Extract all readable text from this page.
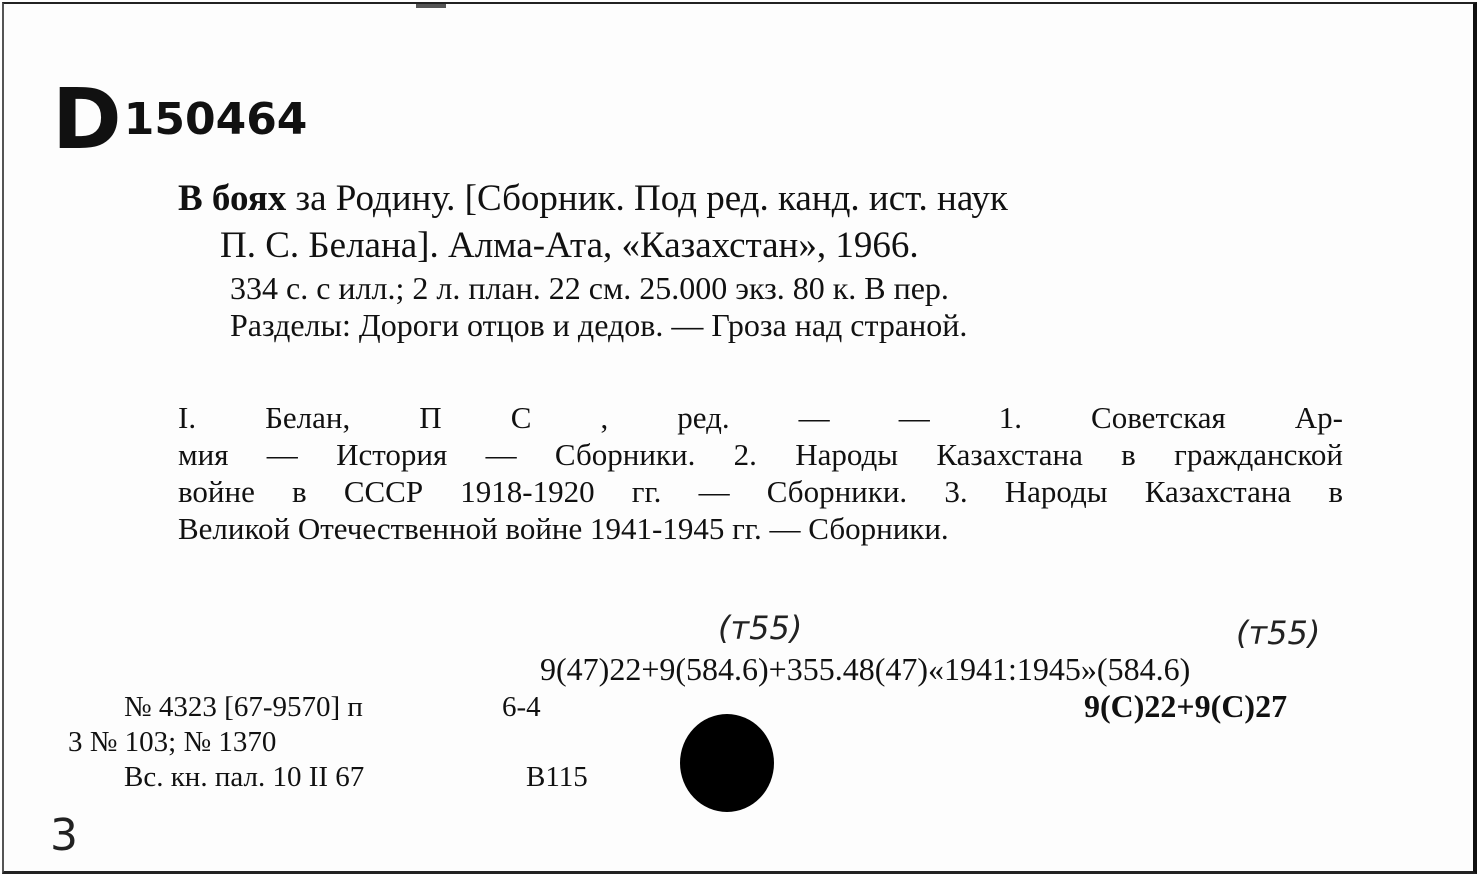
D150464
В боях за Родину. [Сборник. Под ред. канд. ист. наук
П. С. Белана]. Алма-Ата, «Казахстан», 1966.
334 с. с илл.; 2 л. план. 22 см. 25.000 экз. 80 к. В пер.
Разделы: Дороги отцов и дедов. — Гроза над страной.
I. Белан, П С , ред. — — 1. Советская Ар-
мия — История — Сборники. 2. Народы Казахстана в гражданской
войне в СССР 1918-1920 гг. — Сборники. 3. Народы Казахстана в
Великой Отечественной войне 1941-1945 гг. — Сборники.
(т55)	(т55)
9(47)22+9(584.6)+355.48(47)«1941:1945»(584.6)
9(С)22+9(С)27
№ 4323 [67-9570] п	6-4
3 № 103; № 1370
Вс. кн. пал. 10 II 67	В115
3
